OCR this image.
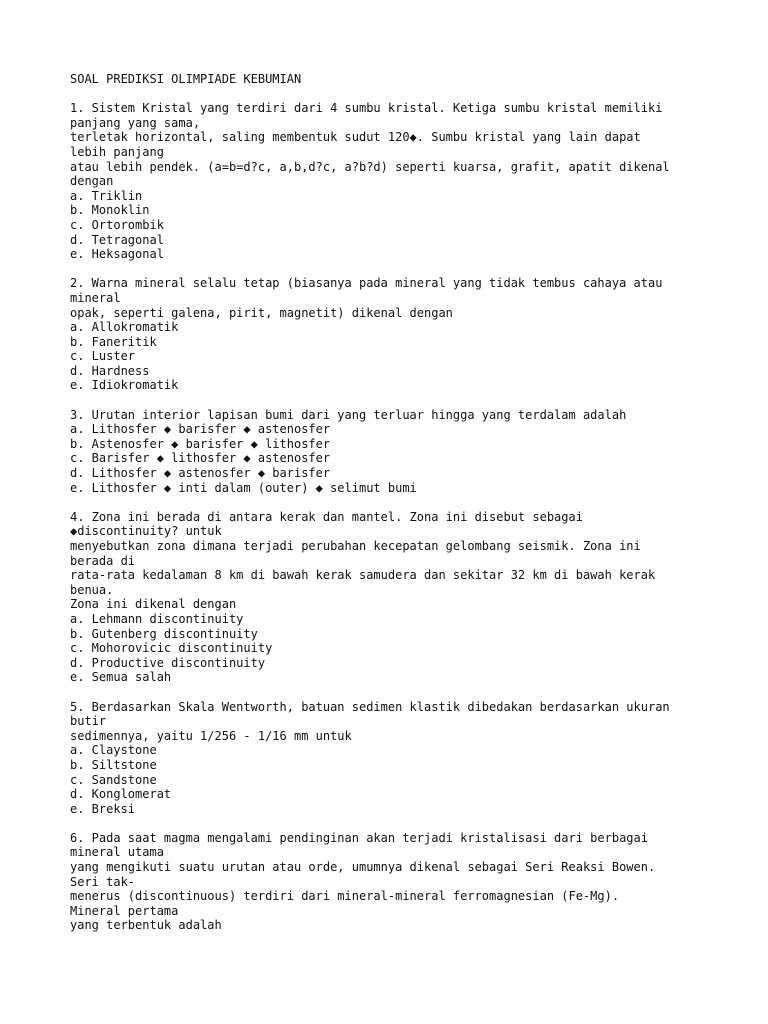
SOAL PREDIKSI OLIMPIADE KEBUMIAN
1. Sistem Kristal yang terdiri dari 4 sumbu kristal. Ketiga sumbu kristal memiliki
panjang yang sama,
terletak horizontal, saling membentuk sudut 120◆. Sumbu kristal yang lain dapat
lebih panjang
atau lebih pendek. (a=b=d?c, a,b,d?c, a?b?d) seperti kuarsa, grafit, apatit dikenal
dengan
a. Triklin
b. Monoklin
c. Ortorombik
d. Tetragonal
e. Heksagonal
2. Warna mineral selalu tetap (biasanya pada mineral yang tidak tembus cahaya atau
mineral
opak, seperti galena, pirit, magnetit) dikenal dengan
a. Allokromatik
b. Faneritik
c. Luster
d. Hardness
e. Idiokromatik
3. Urutan interior lapisan bumi dari yang terluar hingga yang terdalam adalah
a. Lithosfer ◆ barisfer ◆ astenosfer
b. Astenosfer ◆ barisfer ◆ lithosfer
c. Barisfer ◆ lithosfer ◆ astenosfer
d. Lithosfer ◆ astenosfer ◆ barisfer
e. Lithosfer ◆ inti dalam (outer) ◆ selimut bumi
4. Zona ini berada di antara kerak dan mantel. Zona ini disebut sebagai
◆discontinuity? untuk
menyebutkan zona dimana terjadi perubahan kecepatan gelombang seismik. Zona ini
berada di
rata-rata kedalaman 8 km di bawah kerak samudera dan sekitar 32 km di bawah kerak
benua.
Zona ini dikenal dengan
a. Lehmann discontinuity
b. Gutenberg discontinuity
c. Mohorovicic discontinuity
d. Productive discontinuity
e. Semua salah
5. Berdasarkan Skala Wentworth, batuan sedimen klastik dibedakan berdasarkan ukuran
butir
sedimennya, yaitu 1/256 - 1/16 mm untuk
a. Claystone
b. Siltstone
c. Sandstone
d. Konglomerat
e. Breksi
6. Pada saat magma mengalami pendinginan akan terjadi kristalisasi dari berbagai
mineral utama
yang mengikuti suatu urutan atau orde, umumnya dikenal sebagai Seri Reaksi Bowen.
Seri tak-
menerus (discontinuous) terdiri dari mineral-mineral ferromagnesian (Fe-Mg).
Mineral pertama
yang terbentuk adalah
